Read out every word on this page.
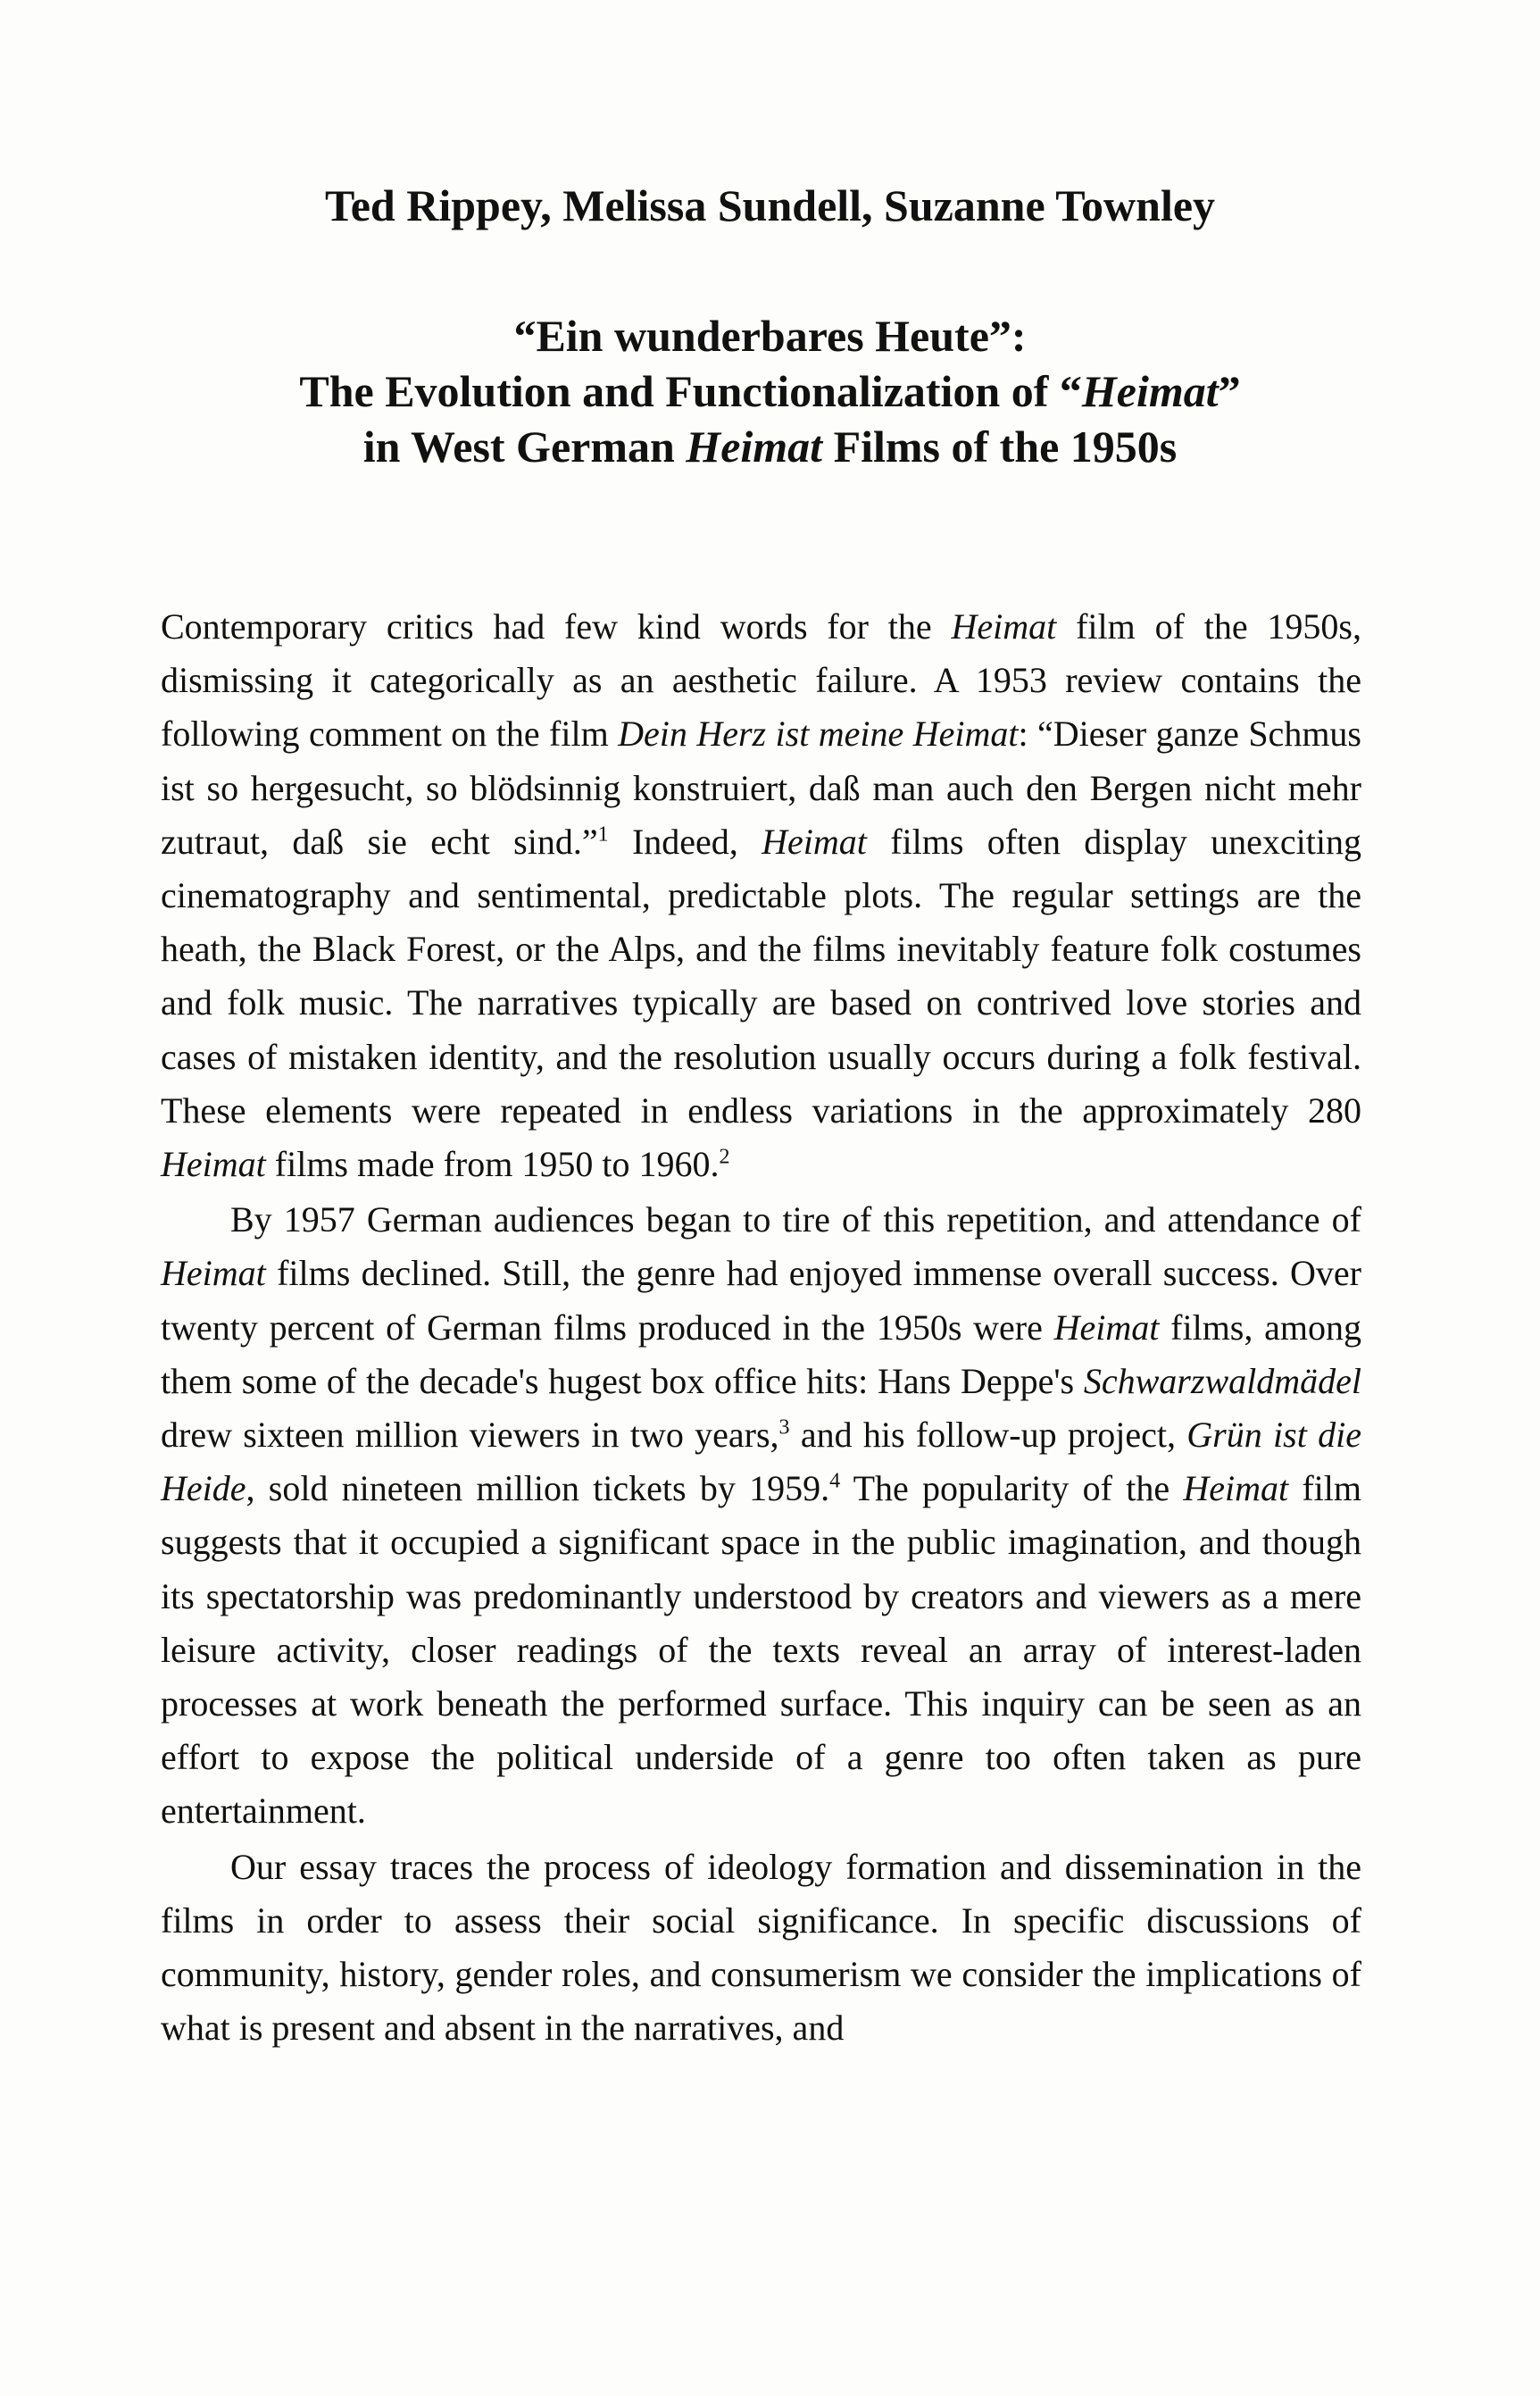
Ted Rippey, Melissa Sundell, Suzanne Townley
“Ein wunderbares Heute”:
The Evolution and Functionalization of “Heimat”
in West German Heimat Films of the 1950s

Contemporary critics had few kind words for the Heimat film of the 1950s, dismissing it categorically as an aesthetic failure. A 1953 review contains the following comment on the film Dein Herz ist meine Heimat: “Dieser ganze Schmus ist so hergesucht, so blödsinnig konstruiert, daß man auch den Bergen nicht mehr zutraut, daß sie echt sind.”$^1$ Indeed, Heimat films often display unexciting cinematography and sentimental, predictable plots. The regular settings are the heath, the Black Forest, or the Alps, and the films inevitably feature folk costumes and folk music. The narratives typically are based on contrived love stories and cases of mistaken identity, and the resolution usually occurs during a folk festival. These elements were repeated in endless variations in the approximately 280 Heimat films made from 1950 to 1960.$^2$

By 1957 German audiences began to tire of this repetition, and attendance of Heimat films declined. Still, the genre had enjoyed immense overall success. Over twenty percent of German films produced in the 1950s were Heimat films, among them some of the decade's hugest box office hits: Hans Deppe's Schwarzwaldmädel drew sixteen million viewers in two years,$^3$ and his follow-up project, Grün ist die Heide, sold nineteen million tickets by 1959.$^4$ The popularity of the Heimat film suggests that it occupied a significant space in the public imagination, and though its spectatorship was predominantly understood by creators and viewers as a mere leisure activity, closer readings of the texts reveal an array of interest-laden processes at work beneath the performed surface. This inquiry can be seen as an effort to expose the political underside of a genre too often taken as pure entertainment.

Our essay traces the process of ideology formation and dissemination in the films in order to assess their social significance. In specific discussions of community, history, gender roles, and consumerism we consider the implications of what is present and absent in the narratives, and
